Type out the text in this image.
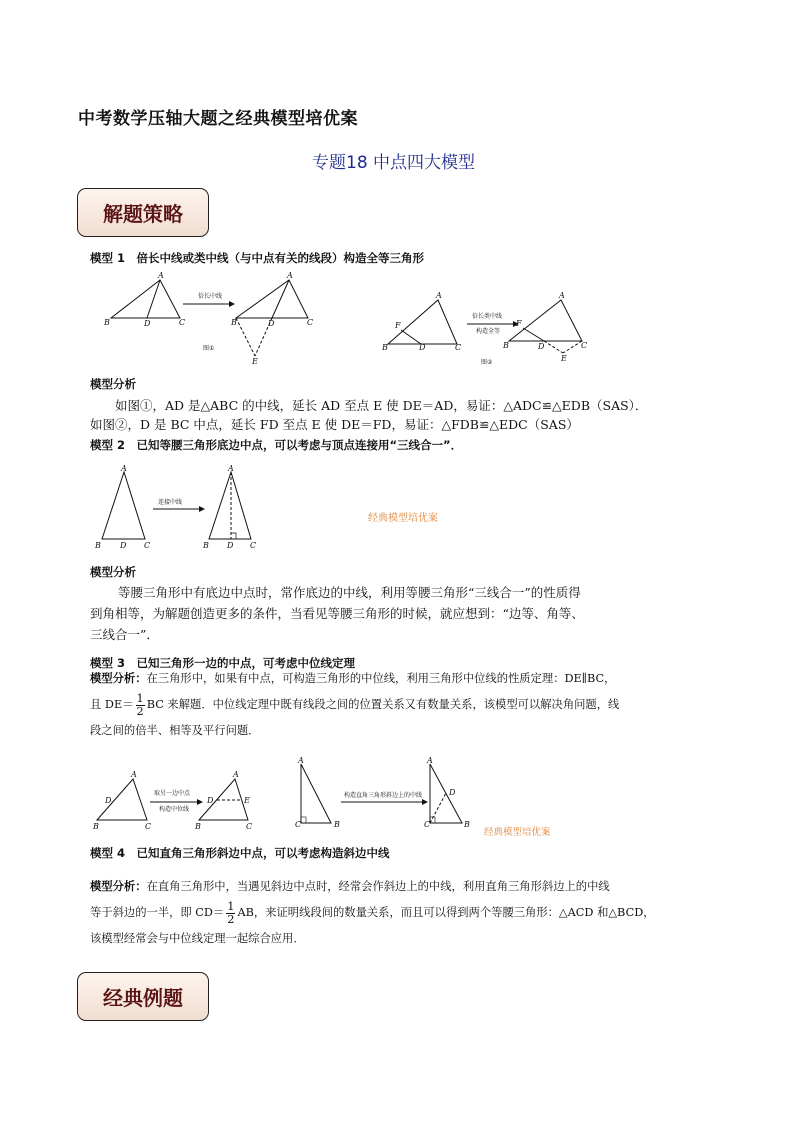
中考数学压轴大题之经典模型培优案
专题18 中点四大模型
解题策略
模型 1　倍长中线或类中线（与中点有关的线段）构造全等三角形
A
B	D	C
倍长中线
A
B	D	C
E
图①
A
F
B	D	C
倍长类中线
构造全等
A
F
B	D	C
E
图②
模型分析
如图①，AD 是△ABC 的中线，延长 AD 至点 E 使 DE＝AD，易证：△ADC≌△EDB（SAS）．
如图②，D 是 BC 中点，延长 FD 至点 E 使 DE＝FD，易证：△FDB≌△EDC（SAS）
模型 2　已知等腰三角形底边中点，可以考虑与顶点连接用“三线合一”．
A
B D C
连接中线
A
B D C
经典模型培优案
模型分析
等腰三角形中有底边中点时，常作底边的中线，利用等腰三角形“三线合一”的性质得
到角相等，为解题创造更多的条件，当看见等腰三角形的时候，就应想到：“边等、角等、
三线合一”．
模型 3　已知三角形一边的中点，可考虑中位线定理
模型分析：在三角形中，如果有中点，可构造三角形的中位线，利用三角形中位线的性质定理：DE∥BC，
且 $DE= \frac{1}{2}$ BC 来解题．中位线定理中既有线段之间的位置关系又有数量关系，该模型可以解决角问题，线
段之间的倍半、相等及平行问题．
A
D
B	C
取另一边中点
构造中位线
A
D	E
B	C
A
C	B
构造直角三角形斜边上的中线
A
D
C	B
经典模型培优案
模型 4　已知直角三角形斜边中点，可以考虑构造斜边中线
模型分析：在直角三角形中，当遇见斜边中点时，经常会作斜边上的中线，利用直角三角形斜边上的中线
等于斜边的一半，即 $CD= \frac{1}{2}$ AB，来证明线段间的数量关系，而且可以得到两个等腰三角形：△ACD 和△BCD，
该模型经常会与中位线定理一起综合应用．
经典例题
